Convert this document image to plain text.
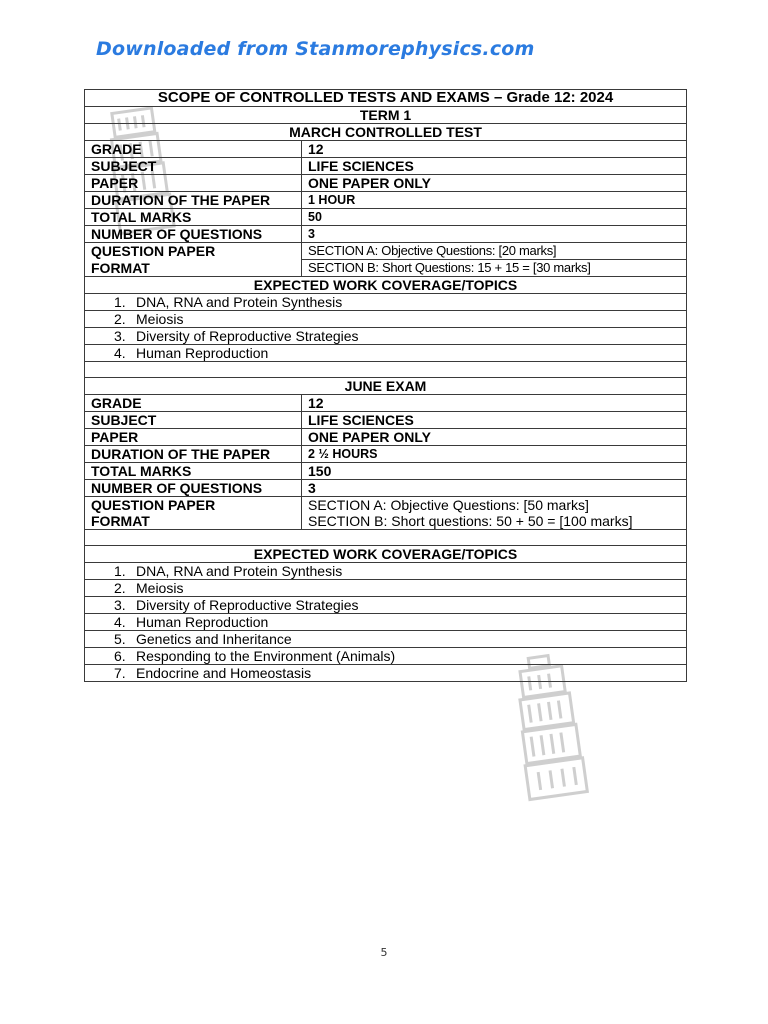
Downloaded from Stanmorephysics.com
SCOPE OF CONTROLLED TESTS AND EXAMS – Grade 12: 2024	
TERM 1	
MARCH CONTROLLED TEST	
GRADE	12
SUBJECT	LIFE SCIENCES
PAPER	ONE PAPER ONLY
DURATION OF THE PAPER	1 HOUR
TOTAL MARKS	50
NUMBER OF QUESTIONS	3
QUESTION PAPER	SECTION A: Objective Questions: [20 marks]
FORMAT	SECTION B: Short Questions: 15 + 15 = [30 marks]
EXPECTED WORK COVERAGE/TOPICS	
1. DNA, RNA and Protein Synthesis	
2. Meiosis	
3. Diversity of Reproductive Strategies	
4. Human Reproduction	

JUNE EXAM	
GRADE	12
SUBJECT	LIFE SCIENCES
PAPER	ONE PAPER ONLY
DURATION OF THE PAPER	2 ½ HOURS
TOTAL MARKS	150
NUMBER OF QUESTIONS	3
QUESTION PAPER	SECTION A: Objective Questions: [50 marks]
FORMAT	SECTION B: Short questions: 50 + 50 = [100 marks]

EXPECTED WORK COVERAGE/TOPICS	
1. DNA, RNA and Protein Synthesis	
2. Meiosis	
3. Diversity of Reproductive Strategies	
4. Human Reproduction	
5. Genetics and Inheritance	
6. Responding to the Environment (Animals)	
7. Endocrine and Homeostasis	
5
